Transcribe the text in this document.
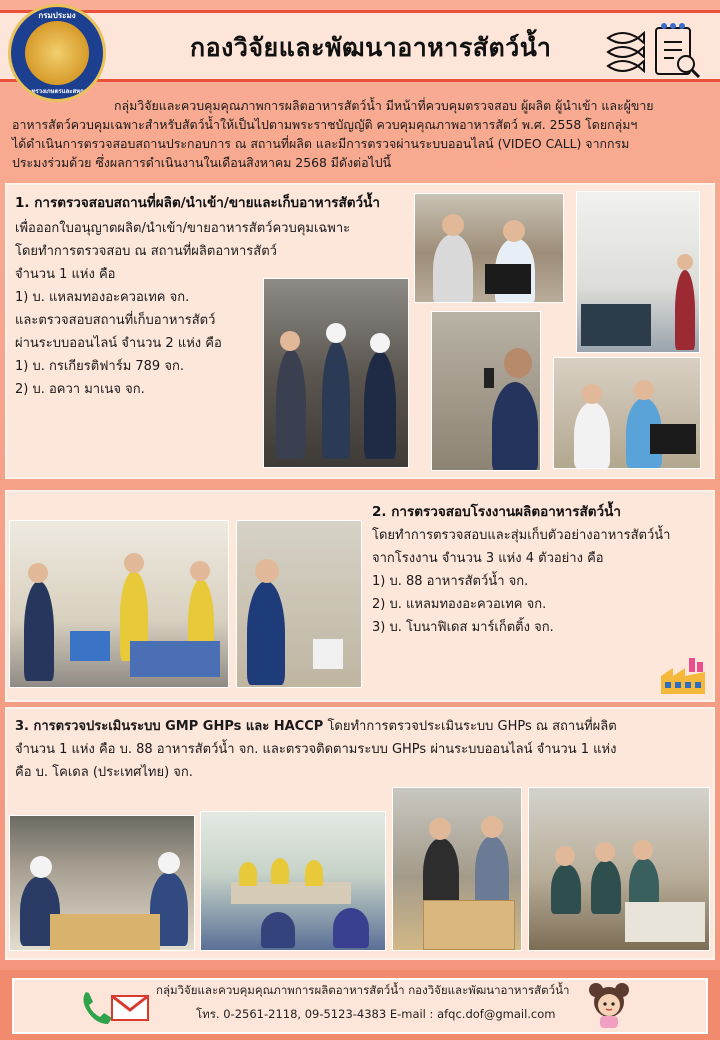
กรมประมง
กระทรวงเกษตรและสหกรณ์
กองวิจัยและพัฒนาอาหารสัตว์น้ำ

กลุ่มวิจัยและควบคุมคุณภาพการผลิตอาหารสัตว์น้ำ มีหน้าที่ควบคุมตรวจสอบ ผู้ผลิต ผู้นำเข้า และผู้ขาย

อาหารสัตว์ควบคุมเฉพาะสำหรับสัตว์น้ำให้เป็นไปตามพระราชบัญญัติ ควบคุมคุณภาพอาหารสัตว์ พ.ศ. 2558 โดยกลุ่มฯ
ได้ดำเนินการตรวจสอบสถานประกอบการ ณ สถานที่ผลิต และมีการตรวจผ่านระบบออนไลน์ (VIDEO CALL) จากกรม
ประมงร่วมด้วย ซึ่งผลการดำเนินงานในเดือนสิงหาคม 2568 มีดังต่อไปนี้
1. การตรวจสอบสถานที่ผลิต/นำเข้า/ขายและเก็บอาหารสัตว์น้ำ
เพื่อออกใบอนุญาตผลิต/นำเข้า/ขายอาหารสัตว์ควบคุมเฉพาะ
โดยทำการตรวจสอบ ณ สถานที่ผลิตอาหารสัตว์
จำนวน 1 แห่ง คือ
1) บ. แหลมทองอะควอเทค จก.
และตรวจสอบสถานที่เก็บอาหารสัตว์
ผ่านระบบออนไลน์ จำนวน 2 แห่ง คือ
1) บ. กรเกียรติฟาร์ม 789 จก.
2) บ. อควา มาเนจ จก.
2. การตรวจสอบโรงงานผลิตอาหารสัตว์น้ำ
โดยทำการตรวจสอบและสุ่มเก็บตัวอย่างอาหารสัตว์น้ำ
จากโรงงาน จำนวน 3 แห่ง 4 ตัวอย่าง คือ
1) บ. 88 อาหารสัตว์น้ำ จก.
2) บ. แหลมทองอะควอเทค จก.
3) บ. โบนาฟิเดส มาร์เก็ตติ้ง จก.
3. การตรวจประเมินระบบ GMP GHPs และ HACCP โดยทำการตรวจประเมินระบบ GHPs ณ สถานที่ผลิต
จำนวน 1 แห่ง คือ บ. 88 อาหารสัตว์น้ำ จก. และตรวจติดตามระบบ GHPs ผ่านระบบออนไลน์ จำนวน 1 แห่ง
คือ บ. โคเดล (ประเทศไทย) จก.
กลุ่มวิจัยและควบคุมคุณภาพการผลิตอาหารสัตว์น้ำ กองวิจัยและพัฒนาอาหารสัตว์น้ำ
โทร. 0-2561-2118, 09-5123-4383 E-mail : afqc.dof@gmail.com
